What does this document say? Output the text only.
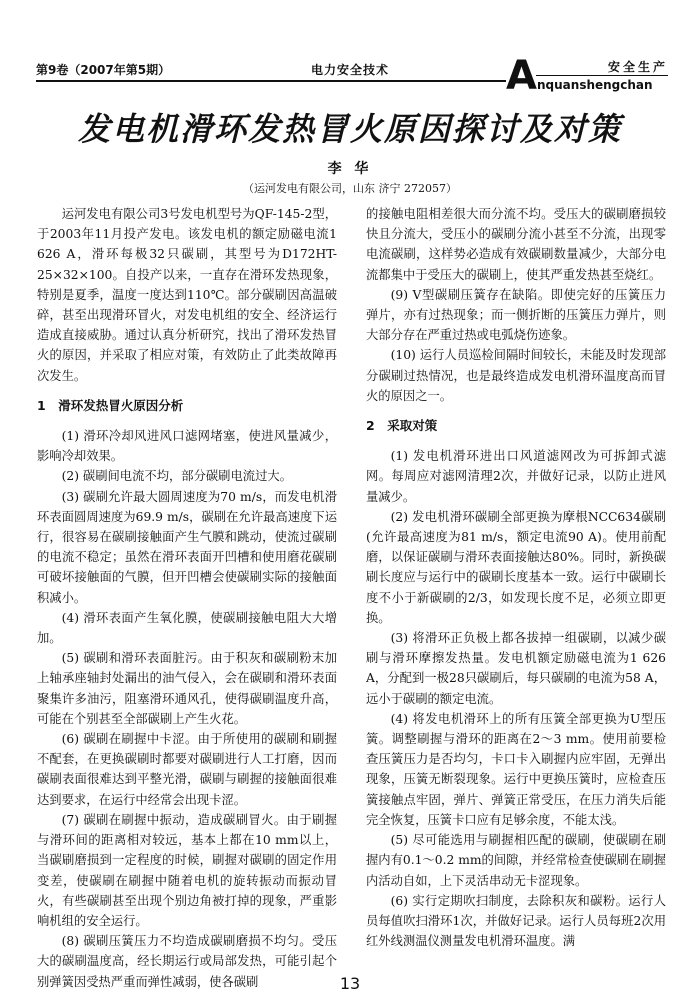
第9卷（2007年第5期）	电力安全技术	A	安全生产
nquanshengchan
发电机滑环发热冒火原因探讨及对策
李 华
（运河发电有限公司，山东 济宁 272057）

运河发电有限公司3号发电机型号为QF-145-2型，于2003年11月投产发电。该发电机的额定励磁电流1 626 A，滑环每极32只碳刷，其型号为D172HT-25×32×100。自投产以来，一直存在滑环发热现象，特别是夏季，温度一度达到110℃。部分碳刷因高温破碎，甚至出现滑环冒火，对发电机组的安全、经济运行造成直接威胁。通过认真分析研究，找出了滑环发热冒火的原因，并采取了相应对策，有效防止了此类故障再次发生。

1　滑环发热冒火原因分析

(1) 滑环冷却风进风口滤网堵塞，使进风量减少，影响冷却效果。

(2) 碳刷间电流不均，部分碳刷电流过大。

(3) 碳刷允许最大圆周速度为70 m/s，而发电机滑环表面圆周速度为69.9 m/s，碳刷在允许最高速度下运行，很容易在碳刷接触面产生气膜和跳动，使流过碳刷的电流不稳定；虽然在滑环表面开凹槽和使用磨花碳刷可破坏接触面的气膜，但开凹槽会使碳刷实际的接触面积减小。

(4) 滑环表面产生氧化膜，使碳刷接触电阻大大增加。

(5) 碳刷和滑环表面脏污。由于积灰和碳刷粉末加上轴承座轴封处漏出的油气侵入，会在碳刷和滑环表面聚集许多油污，阻塞滑环通风孔，使得碳刷温度升高，可能在个别甚至全部碳刷上产生火花。

(6) 碳刷在刷握中卡涩。由于所使用的碳刷和刷握不配套，在更换碳刷时都要对碳刷进行人工打磨，因而碳刷表面很难达到平整光滑，碳刷与刷握的接触面很难达到要求，在运行中经常会出现卡涩。

(7) 碳刷在刷握中振动，造成碳刷冒火。由于刷握与滑环间的距离相对较远，基本上都在10 mm以上，当碳刷磨损到一定程度的时候，刷握对碳刷的固定作用变差，使碳刷在刷握中随着电机的旋转振动而振动冒火，有些碳刷甚至出现个别边角被打掉的现象，严重影响机组的安全运行。

(8) 碳刷压簧压力不均造成碳刷磨损不均匀。受压大的碳刷温度高，经长期运行或局部发热，可能引起个别弹簧因受热严重而弹性减弱，使各碳刷

的接触电阻相差很大而分流不均。受压大的碳刷磨损较快且分流大，受压小的碳刷分流小甚至不分流，出现零电流碳刷，这样势必造成有效碳刷数量减少，大部分电流都集中于受压大的碳刷上，使其严重发热甚至烧红。

(9) V型碳刷压簧存在缺陷。即使完好的压簧压力弹片，亦有过热现象；而一侧折断的压簧压力弹片，则大部分存在严重过热或电弧烧伤迹象。

(10) 运行人员巡检间隔时间较长，未能及时发现部分碳刷过热情况，也是最终造成发电机滑环温度高而冒火的原因之一。

2　采取对策

(1) 发电机滑环进出口风道滤网改为可拆卸式滤网。每周应对滤网清理2次，并做好记录，以防止进风量减少。

(2) 发电机滑环碳刷全部更换为摩根NCC634碳刷(允许最高速度为81 m/s，额定电流90 A)。使用前配磨，以保证碳刷与滑环表面接触达80%。同时，新换碳刷长度应与运行中的碳刷长度基本一致。运行中碳刷长度不小于新碳刷的2/3，如发现长度不足，必须立即更换。

(3) 将滑环正负极上都各拔掉一组碳刷，以减少碳刷与滑环摩擦发热量。发电机额定励磁电流为1 626 A，分配到一极28只碳刷后，每只碳刷的电流为58 A，远小于碳刷的额定电流。

(4) 将发电机滑环上的所有压簧全部更换为U型压簧。调整刷握与滑环的距离在2～3 mm。使用前要检查压簧压力是否均匀，卡口卡入刷握内应牢固，无弹出现象，压簧无断裂现象。运行中更换压簧时，应检查压簧接触点牢固，弹片、弹簧正常受压，在压力消失后能完全恢复，压簧卡口应有足够余度，不能太浅。

(5) 尽可能选用与刷握相匹配的碳刷，使碳刷在刷握内有0.1～0.2 mm的间隙，并经常检查使碳刷在刷握内活动自如，上下灵活串动无卡涩现象。

(6) 实行定期吹扫制度，去除积灰和碳粉。运行人员每值吹扫滑环1次，并做好记录。运行人员每班2次用红外线测温仪测量发电机滑环温度。满

13
